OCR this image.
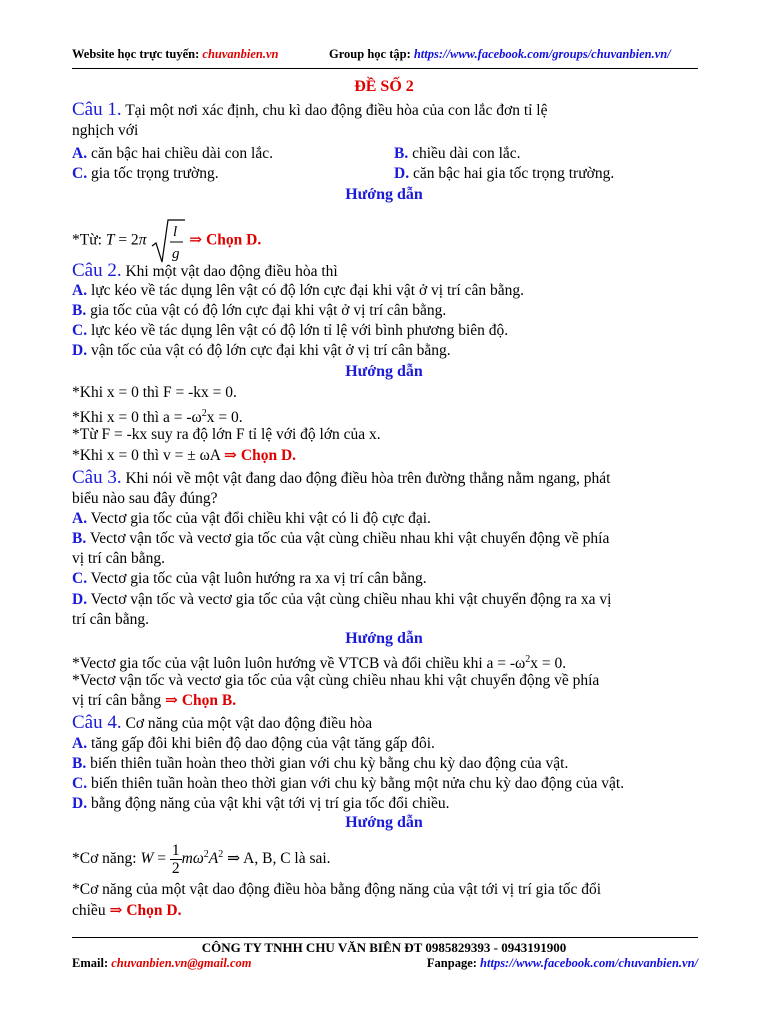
Website học trực tuyến: chuvanbien.vn	Group học tập: https://www.facebook.com/groups/chuvanbien.vn/
ĐỀ SỐ 2
Câu 1. Tại một nơi xác định, chu kì dao động điều hòa của con lắc đơn tỉ lệ
nghịch với
A. căn bậc hai chiều dài con lắc.	B. chiều dài con lắc.
C. gia tốc trọng trường.	D. căn bậc hai gia tốc trọng trường.
Hướng dẫn
*Từ: T = 2π l
g
⇒ Chọn D.
Câu 2. Khi một vật dao động điều hòa thì
A. lực kéo về tác dụng lên vật có độ lớn cực đại khi vật ở vị trí cân bằng.
B. gia tốc của vật có độ lớn cực đại khi vật ở vị trí cân bằng.
C. lực kéo về tác dụng lên vật có độ lớn tỉ lệ với bình phương biên độ.
D. vận tốc của vật có độ lớn cực đại khi vật ở vị trí cân bằng.
Hướng dẫn
*Khi x = 0 thì F = -kx = 0.
*Khi x = 0 thì $a = -\omega^2x = 0$.
*Từ F = -kx suy ra độ lớn F tỉ lệ với độ lớn của x.
*Khi x = 0 thì v = ± ωA ⇒ Chọn D.
Câu 3. Khi nói về một vật đang dao động điều hòa trên đường thẳng nằm ngang, phát
biểu nào sau đây đúng?
A. Vectơ gia tốc của vật đổi chiều khi vật có li độ cực đại.
B. Vectơ vận tốc và vectơ gia tốc của vật cùng chiều nhau khi vật chuyển động về phía
vị trí cân bằng.
C. Vectơ gia tốc của vật luôn hướng ra xa vị trí cân bằng.
D. Vectơ vận tốc và vectơ gia tốc của vật cùng chiều nhau khi vật chuyển động ra xa vị
trí cân bằng.
Hướng dẫn
*Vectơ gia tốc của vật luôn luôn hướng về VTCB và đổi chiều khi $a = -\omega^2x = 0$.
*Vectơ vận tốc và vectơ gia tốc của vật cùng chiều nhau khi vật chuyển động về phía
vị trí cân bằng ⇒ Chọn B.
Câu 4. Cơ năng của một vật dao động điều hòa
A. tăng gấp đôi khi biên độ dao động của vật tăng gấp đôi.
B. biến thiên tuần hoàn theo thời gian với chu kỳ bằng chu kỳ dao động của vật.
C. biến thiên tuần hoàn theo thời gian với chu kỳ bằng một nửa chu kỳ dao động của vật.
D. bằng động năng của vật khi vật tới vị trí gia tốc đổi chiều.
Hướng dẫn
*Cơ năng: $W = \frac{1}{2} m\omega^2A^2$ ⇒ A, B, C là sai.
*Cơ năng của một vật dao động điều hòa bằng động năng của vật tới vị trí gia tốc đổi
chiều ⇒ Chọn D.
CÔNG TY TNHH CHU VĂN BIÊN ĐT 0985829393 - 0943191900
Email: chuvanbien.vn@gmail.com	Fanpage: https://www.facebook.com/chuvanbien.vn/
